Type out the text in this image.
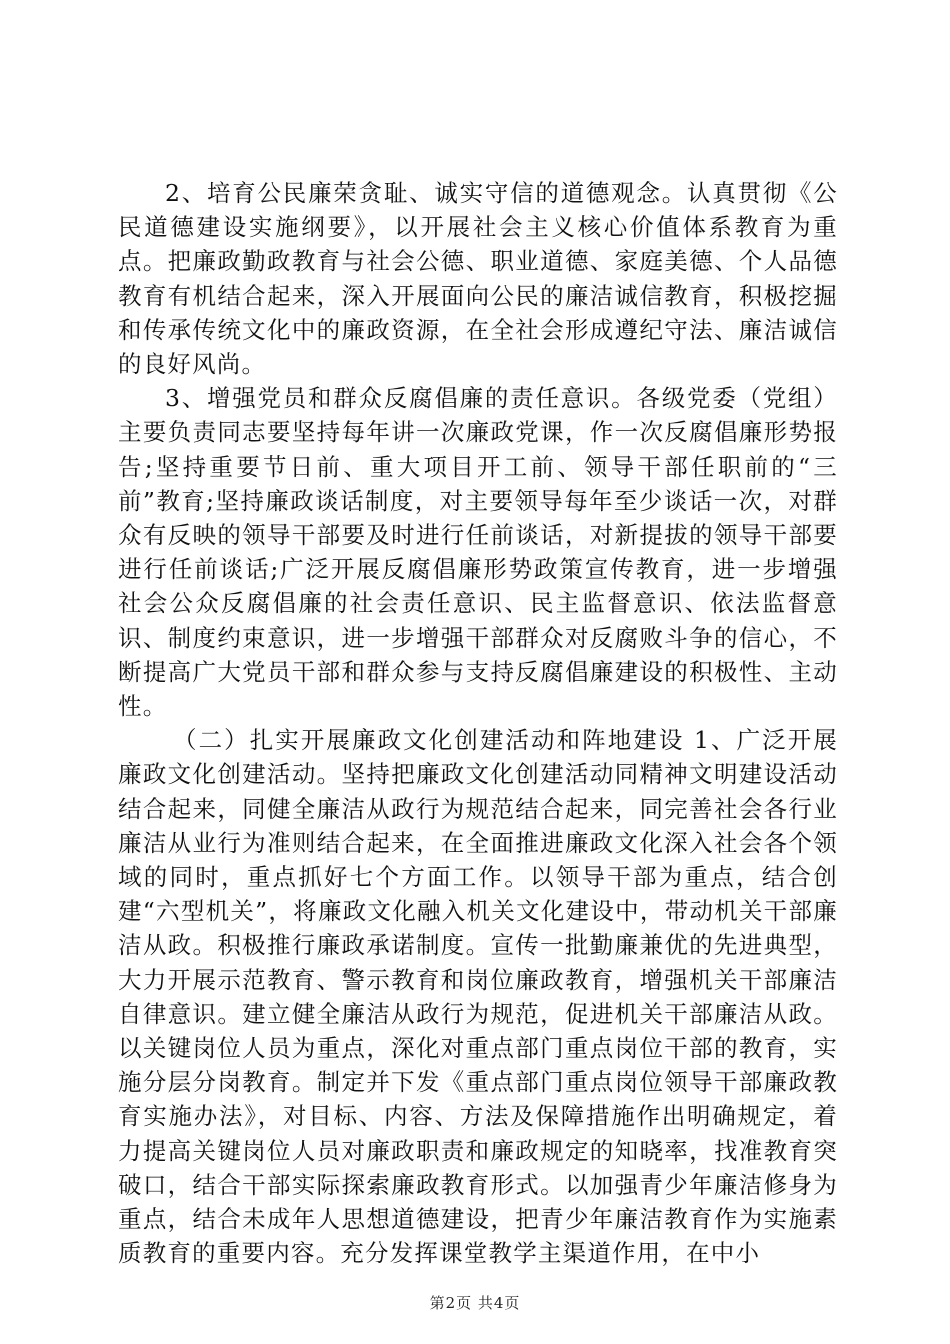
2、培育公民廉荣贪耻、诚实守信的道德观念。认真贯彻《公民道德建设实施纲要》，以开展社会主义核心价值体系教育为重点。把廉政勤政教育与社会公德、职业道德、家庭美德、个人品德教育有机结合起来，深入开展面向公民的廉洁诚信教育，积极挖掘和传承传统文化中的廉政资源，在全社会形成遵纪守法、廉洁诚信的良好风尚。

3、增强党员和群众反腐倡廉的责任意识。各级党委（党组）主要负责同志要坚持每年讲一次廉政党课，作一次反腐倡廉形势报告;坚持重要节日前、重大项目开工前、领导干部任职前的“三前”教育;坚持廉政谈话制度，对主要领导每年至少谈话一次，对群众有反映的领导干部要及时进行任前谈话，对新提拔的领导干部要进行任前谈话;广泛开展反腐倡廉形势政策宣传教育，进一步增强社会公众反腐倡廉的社会责任意识、民主监督意识、依法监督意识、制度约束意识，进一步增强干部群众对反腐败斗争的信心，不断提高广大党员干部和群众参与支持反腐倡廉建设的积极性、主动性。

（二）扎实开展廉政文化创建活动和阵地建设 1、广泛开展廉政文化创建活动。坚持把廉政文化创建活动同精神文明建设活动结合起来，同健全廉洁从政行为规范结合起来，同完善社会各行业廉洁从业行为准则结合起来，在全面推进廉政文化深入社会各个领域的同时，重点抓好七个方面工作。以领导干部为重点，结合创建“六型机关”，将廉政文化融入机关文化建设中，带动机关干部廉洁从政。积极推行廉政承诺制度。宣传一批勤廉兼优的先进典型，大力开展示范教育、警示教育和岗位廉政教育，增强机关干部廉洁自律意识。建立健全廉洁从政行为规范，促进机关干部廉洁从政。以关键岗位人员为重点，深化对重点部门重点岗位干部的教育，实施分层分岗教育。制定并下发《重点部门重点岗位领导干部廉政教育实施办法》，对目标、内容、方法及保障措施作出明确规定，着力提高关键岗位人员对廉政职责和廉政规定的知晓率，找准教育突破口，结合干部实际探索廉政教育形式。以加强青少年廉洁修身为重点，结合未成年人思想道德建设，把青少年廉洁教育作为实施素质教育的重要内容。充分发挥课堂教学主渠道作用，在中小

第2页 共4页
